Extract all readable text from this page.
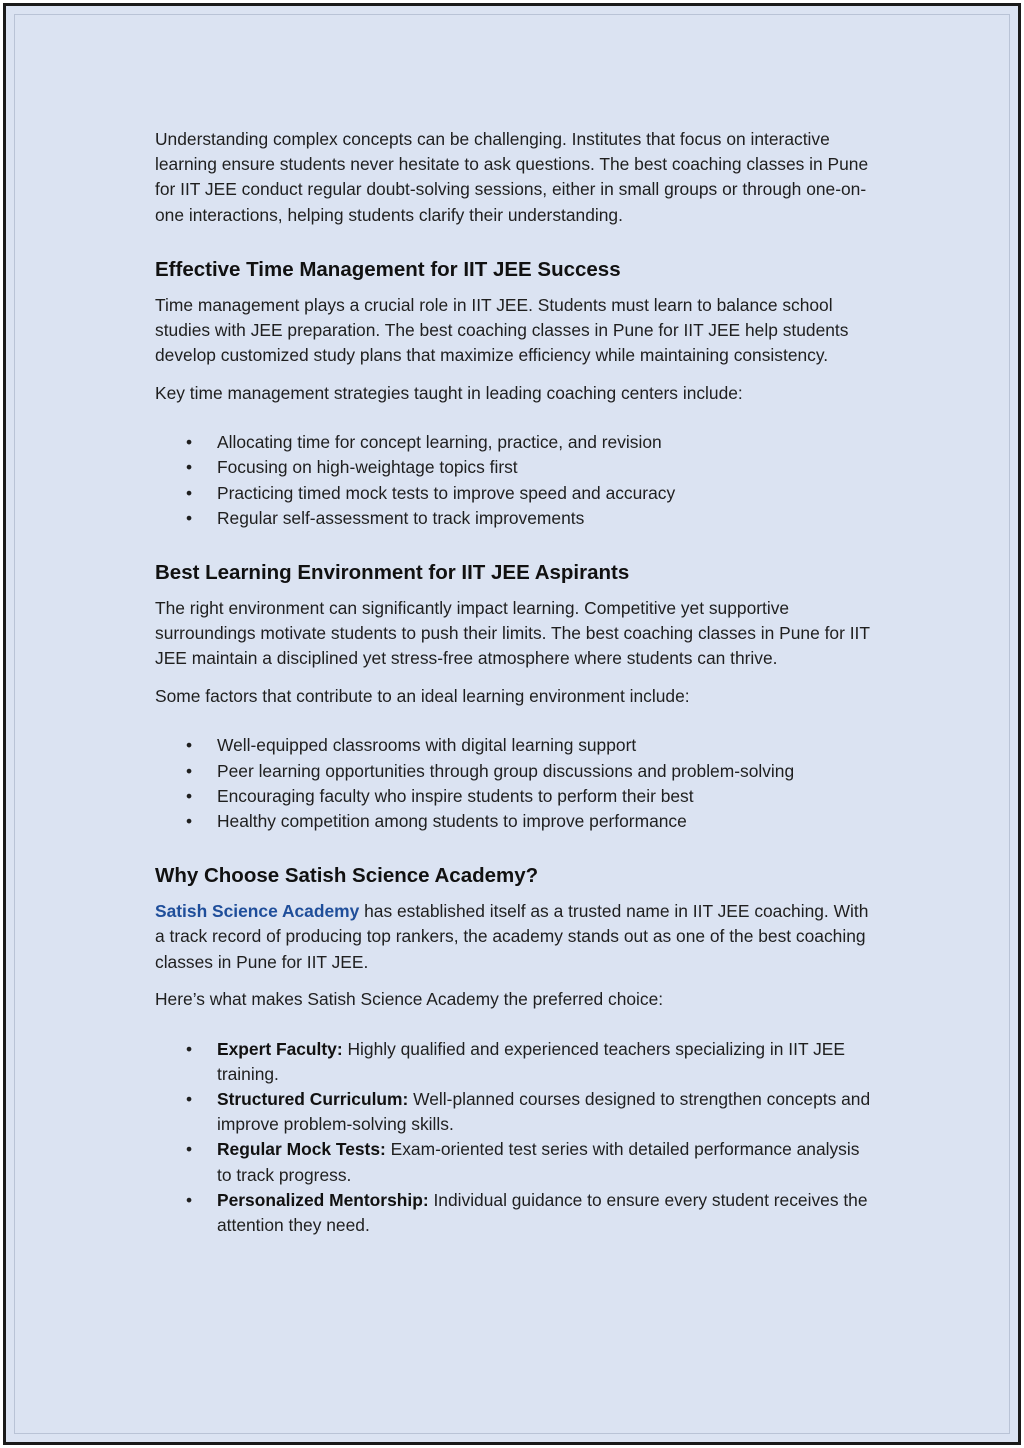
Understanding complex concepts can be challenging. Institutes that focus on interactive learning ensure students never hesitate to ask questions. The best coaching classes in Pune for IIT JEE conduct regular doubt-solving sessions, either in small groups or through one-on-one interactions, helping students clarify their understanding.

Effective Time Management for IIT JEE Success

Time management plays a crucial role in IIT JEE. Students must learn to balance school studies with JEE preparation. The best coaching classes in Pune for IIT JEE help students develop customized study plans that maximize efficiency while maintaining consistency.

Key time management strategies taught in leading coaching centers include:

• Allocating time for concept learning, practice, and revision
• Focusing on high-weightage topics first
• Practicing timed mock tests to improve speed and accuracy
• Regular self-assessment to track improvements
Best Learning Environment for IIT JEE Aspirants

The right environment can significantly impact learning. Competitive yet supportive surroundings motivate students to push their limits. The best coaching classes in Pune for IIT JEE maintain a disciplined yet stress-free atmosphere where students can thrive.

Some factors that contribute to an ideal learning environment include:

• Well-equipped classrooms with digital learning support
• Peer learning opportunities through group discussions and problem-solving
• Encouraging faculty who inspire students to perform their best
• Healthy competition among students to improve performance
Why Choose Satish Science Academy?

Satish Science Academy has established itself as a trusted name in IIT JEE coaching. With a track record of producing top rankers, the academy stands out as one of the best coaching classes in Pune for IIT JEE.

Here’s what makes Satish Science Academy the preferred choice:

• Expert Faculty: Highly qualified and experienced teachers specializing in IIT JEE training.
• Structured Curriculum: Well-planned courses designed to strengthen concepts and improve problem-solving skills.
• Regular Mock Tests: Exam-oriented test series with detailed performance analysis to track progress.
• Personalized Mentorship: Individual guidance to ensure every student receives the attention they need.
